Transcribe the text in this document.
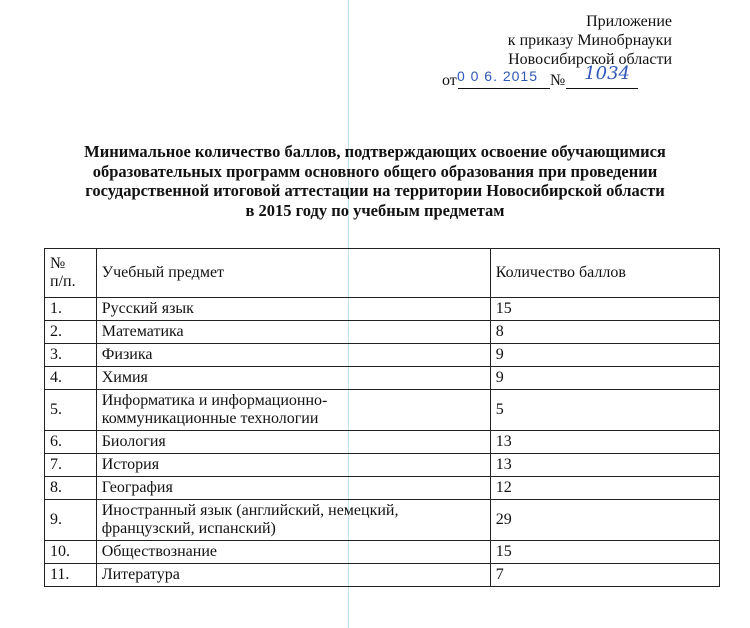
Приложение
к приказу Минобрнауки
Новосибирской области
от 0 0 6. 2015 №	1034
Минимальное количество баллов, подтверждающих освоение обучающимися
образовательных программ основного общего образования при проведении
государственной итоговой аттестации на территории Новосибирской области
в 2015 году по учебным предметам
№
п/п.	Учебный предмет	Количество баллов
1.	Русский язык	15
2.	Математика	8
3.	Физика	9
4.	Химия	9
5.	Информатика и информационно-
коммуникационные технологии	5
6.	Биология	13
7.	История	13
8.	География	12
9.	Иностранный язык (английский, немецкий,
французский, испанский)	29
10.	Обществознание	15
11.	Литература	7
